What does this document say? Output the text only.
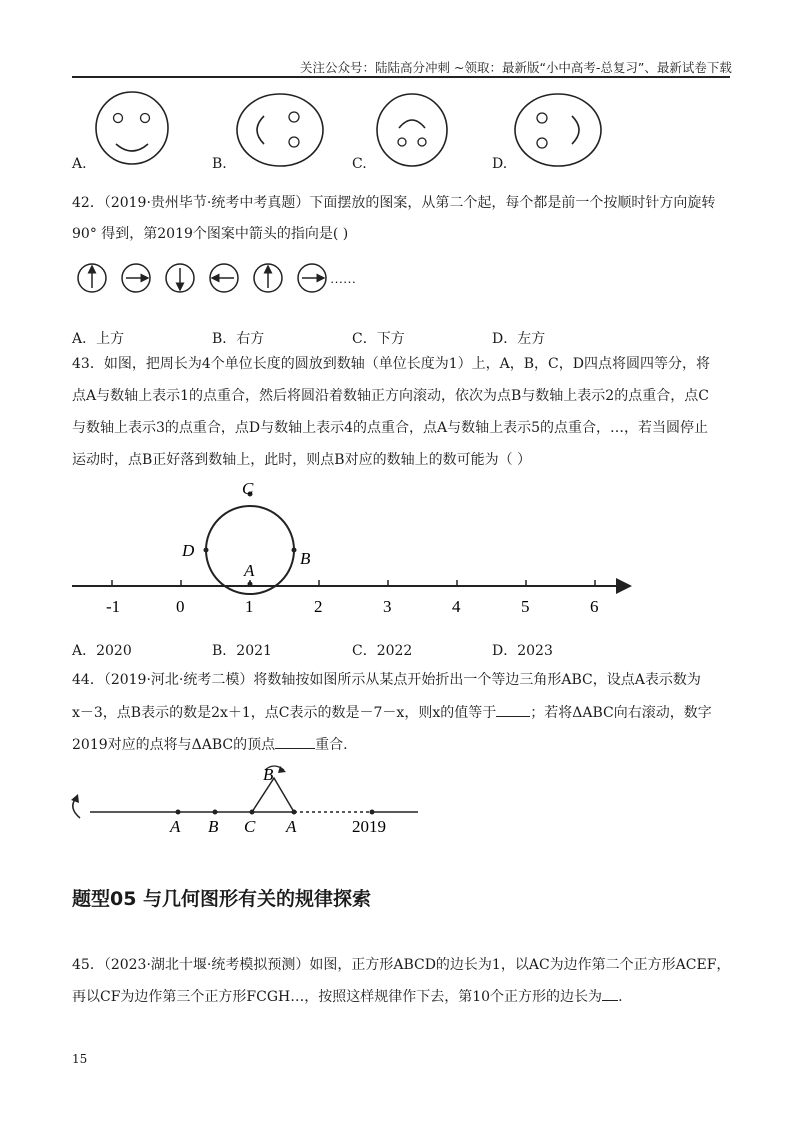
关注公众号：陆陆高分冲刺 ~领取：最新版“小中高考-总复习”、最新试卷下载
A.	B.	C.	D.
42．（2019·贵州毕节·统考中考真题）下面摆放的图案，从第二个起，每个都是前一个按顺时针方向旋转
90° 得到，第2019个图案中箭头的指向是( )
……
A．上方	B．右方	C．下方	D．左方
43．如图，把周长为4个单位长度的圆放到数轴（单位长度为1）上，A，B，C，D四点将圆四等分，将
点A与数轴上表示1的点重合，然后将圆沿着数轴正方向滚动，依次为点B与数轴上表示2的点重合，点C
与数轴上表示3的点重合，点D与数轴上表示4的点重合，点A与数轴上表示5的点重合，…，若当圆停止
运动时，点B正好落到数轴上，此时，则点B对应的数轴上的数可能为（ ）
-1	0	1	2	3	4	5	6
A
B
C
D
A．2020	B．2021	C．2022	D．2023
44．（2019·河北·统考二模）将数轴按如图所示从某点开始折出一个等边三角形ABC，设点A表示数为
x－3，点B表示的数是2x＋1，点C表示的数是－7－x，则x的值等于 ；若将ΔABC向右滚动，数字
2019对应的点将与ΔABC的顶点	重合.
A B C A	2019
B
题型05 与几何图形有关的规律探索
45．（2023·湖北十堰·统考模拟预测）如图，正方形ABCD的边长为1，以AC为边作第二个正方形ACEF，
再以CF为边作第三个正方形FCGH…，按照这样规律作下去，第10个正方形的边长为 .
15
